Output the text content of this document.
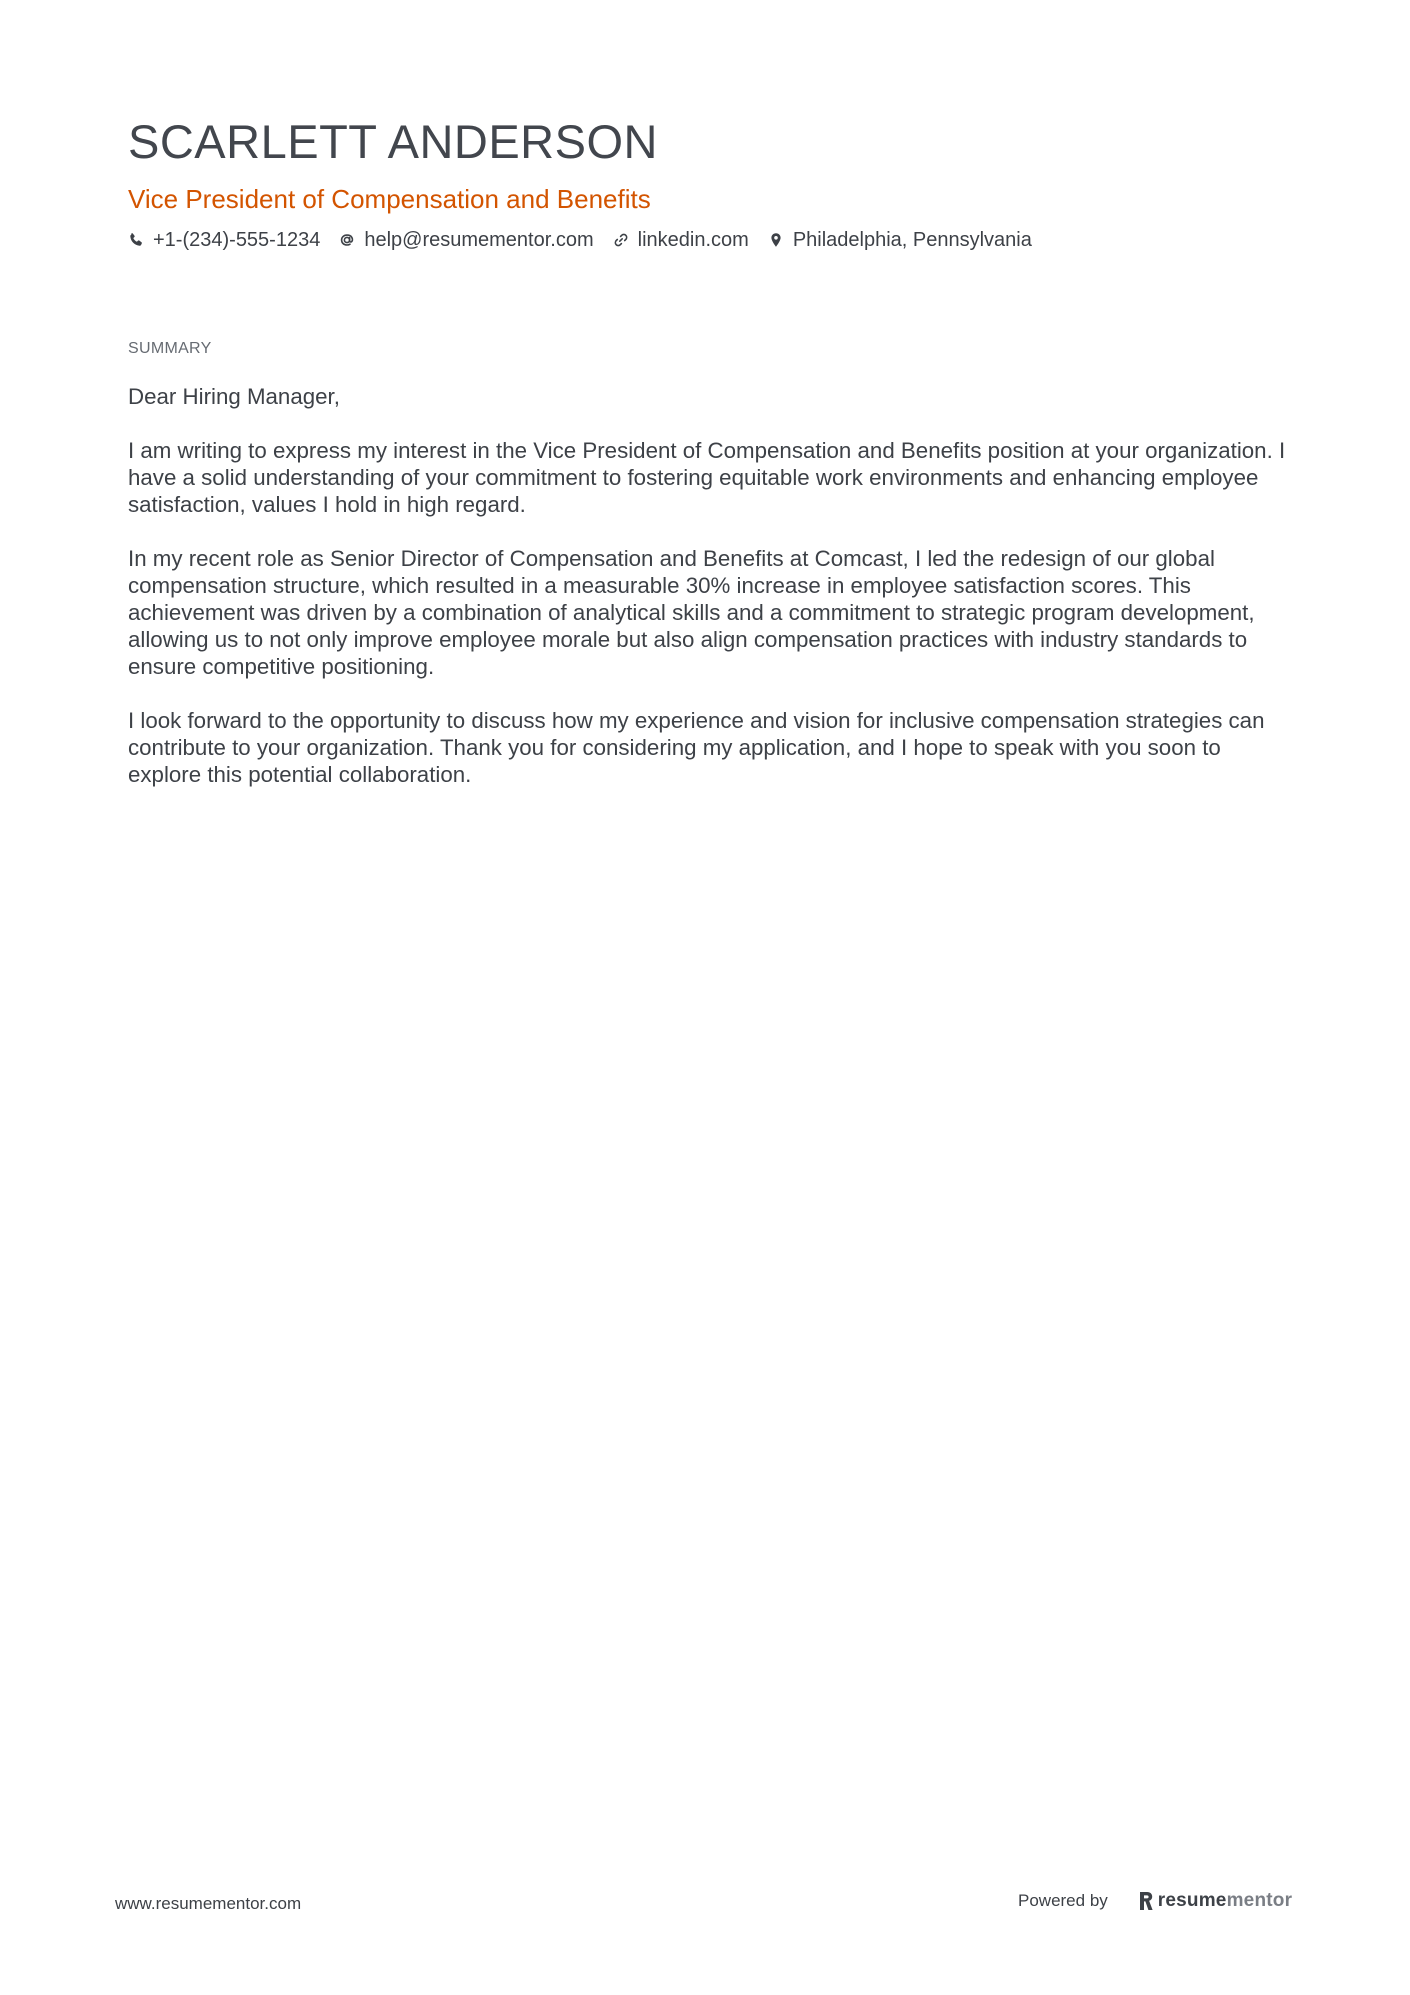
SCARLETT ANDERSON
Vice President of Compensation and Benefits
+1-(234)-555-1234 help@resumementor.com linkedin.com Philadelphia, Pennsylvania
SUMMARY

Dear Hiring Manager,

I am writing to express my interest in the Vice President of Compensation and Benefits position at your organization. I have a solid understanding of your commitment to fostering equitable work environments and enhancing employee satisfaction, values I hold in high regard.

In my recent role as Senior Director of Compensation and Benefits at Comcast, I led the redesign of our global compensation structure, which resulted in a measurable 30% increase in employee satisfaction scores. This achievement was driven by a combination of analytical skills and a commitment to strategic program development, allowing us to not only improve employee morale but also align compensation practices with industry standards to ensure competitive positioning.

I look forward to the opportunity to discuss how my experience and vision for inclusive compensation strategies can contribute to your organization. Thank you for considering my application, and I hope to speak with you soon to explore this potential collaboration.

www.resumementor.com	Powered by	resumementor
